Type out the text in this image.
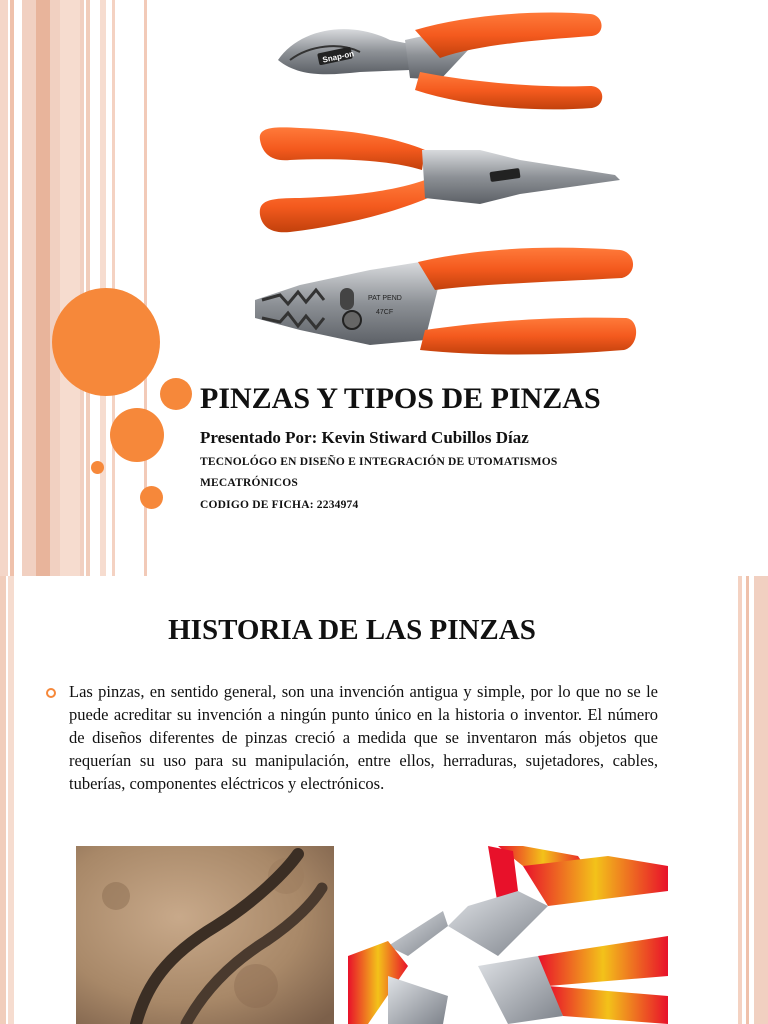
Snap-on
PAT PEND
47CF
PINZAS Y TIPOS DE PINZAS
Presentado Por: Kevin Stiward Cubillos Díaz
TECNOLÓGO EN DISEÑO E INTEGRACIÓN DE UTOMATISMOS
MECATRÓNICOS
CODIGO DE FICHA: 2234974
HISTORIA DE LAS PINZAS
Las pinzas, en sentido general, son una invención antigua y simple, por lo que no se le puede acreditar su invención a ningún punto único en la historia o inventor. El número de diseños diferentes de pinzas creció a medida que se inventaron más objetos que requerían su uso para su manipulación, entre ellos, herraduras, sujetadores, cables, tuberías, componentes eléctricos y electrónicos.
